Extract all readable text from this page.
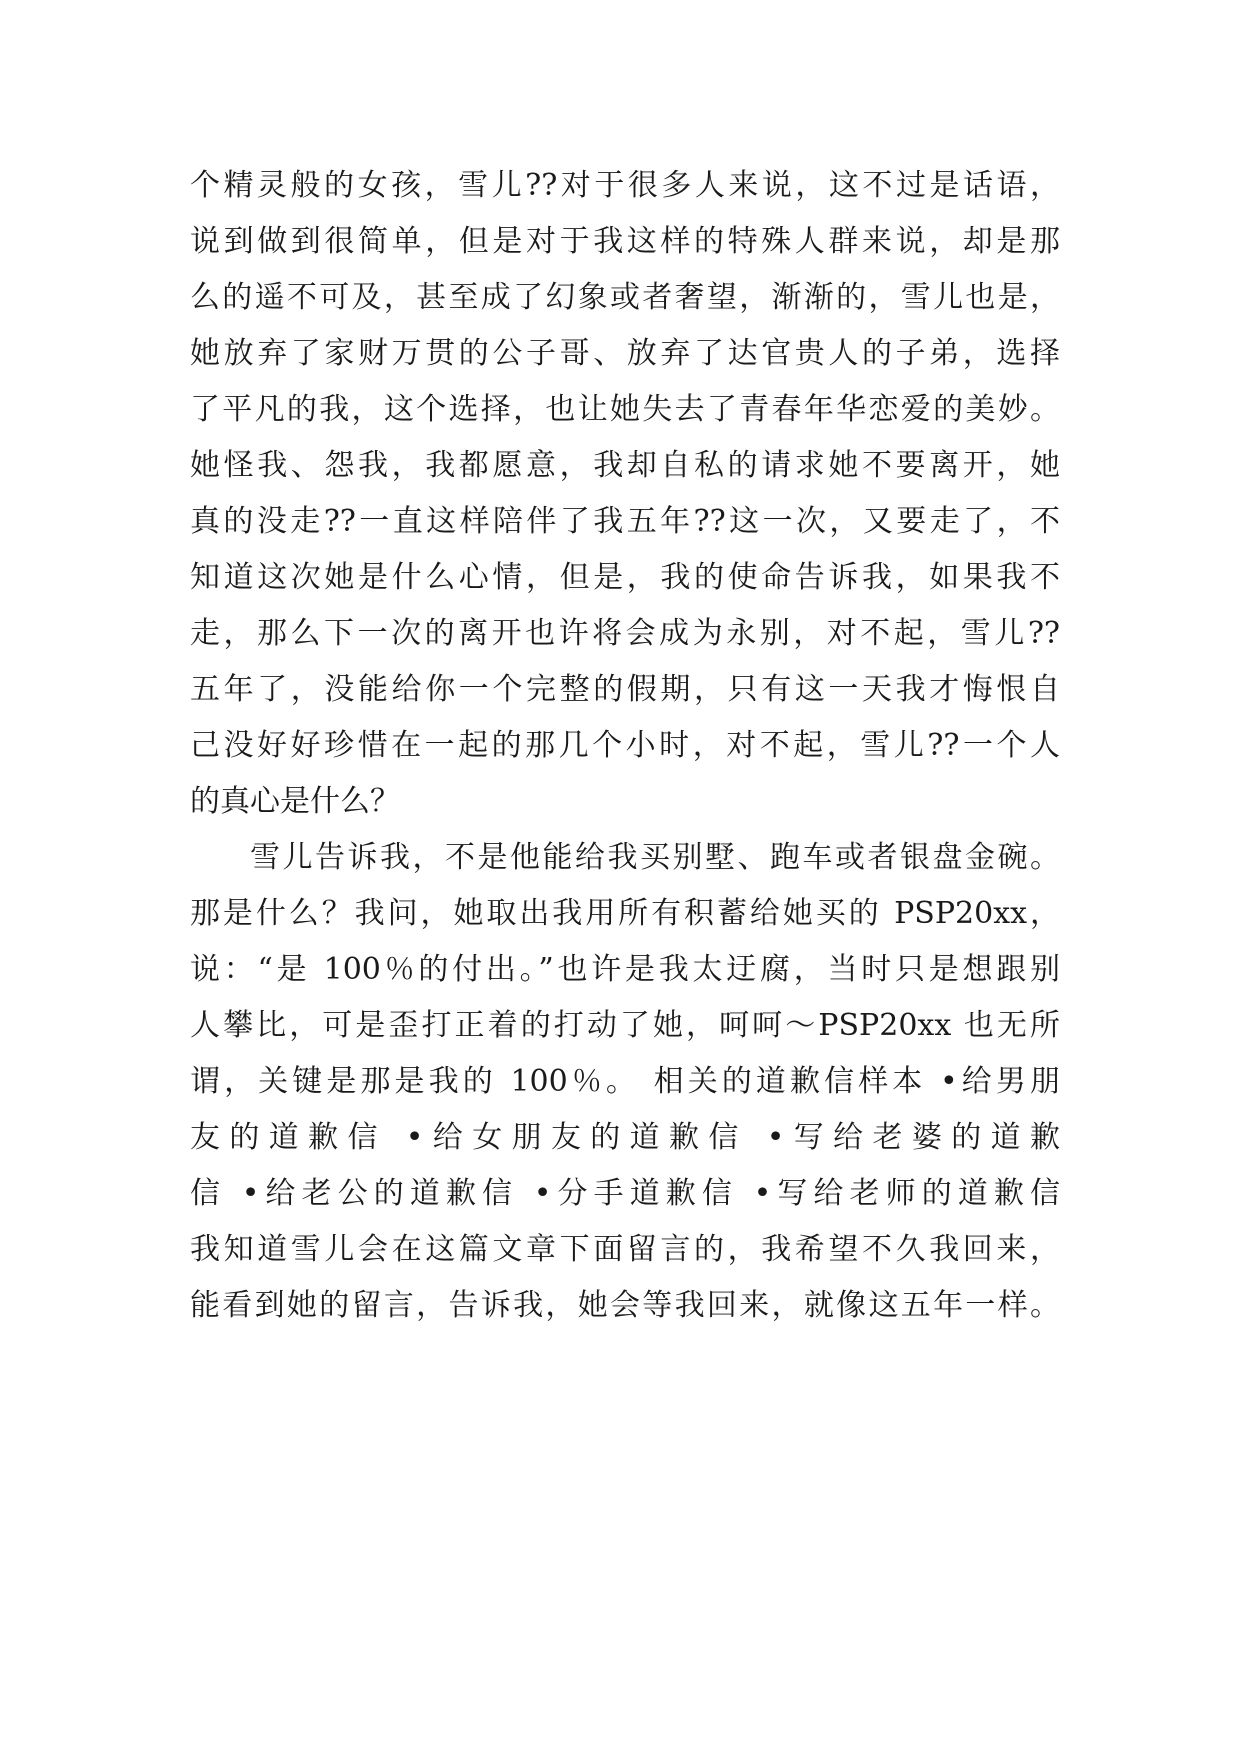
个精灵般的女孩，雪儿??对于很多人来说，这不过是话语，
说到做到很简单，但是对于我这样的特殊人群来说，却是那
么的遥不可及，甚至成了幻象或者奢望，渐渐的，雪儿也是，
她放弃了家财万贯的公子哥、放弃了达官贵人的子弟，选择
了平凡的我，这个选择，也让她失去了青春年华恋爱的美妙。
她怪我、怨我，我都愿意，我却自私的请求她不要离开，她
真的没走??一直这样陪伴了我五年??这一次，又要走了，不
知道这次她是什么心情，但是，我的使命告诉我，如果我不
走，那么下一次的离开也许将会成为永别，对不起，雪儿??
五年了，没能给你一个完整的假期，只有这一天我才悔恨自
己没好好珍惜在一起的那几个小时，对不起，雪儿??一个人
的真心是什么？
雪儿告诉我，不是他能给我买别墅、跑车或者银盘金碗。
那是什么？我问，她取出我用所有积蓄给她买的 PSP20xx，
说：“是 100％的付出。”也许是我太迂腐，当时只是想跟别
人攀比，可是歪打正着的打动了她，呵呵～PSP20xx 也无所
谓，关键是那是我的 100％。 相关的道歉信样本 •给男朋
友的道歉信 •给女朋友的道歉信 •写给老婆的道歉
信 •给老公的道歉信 •分手道歉信 •写给老师的道歉信
我知道雪儿会在这篇文章下面留言的，我希望不久我回来，
能看到她的留言，告诉我，她会等我回来，就像这五年一样。
